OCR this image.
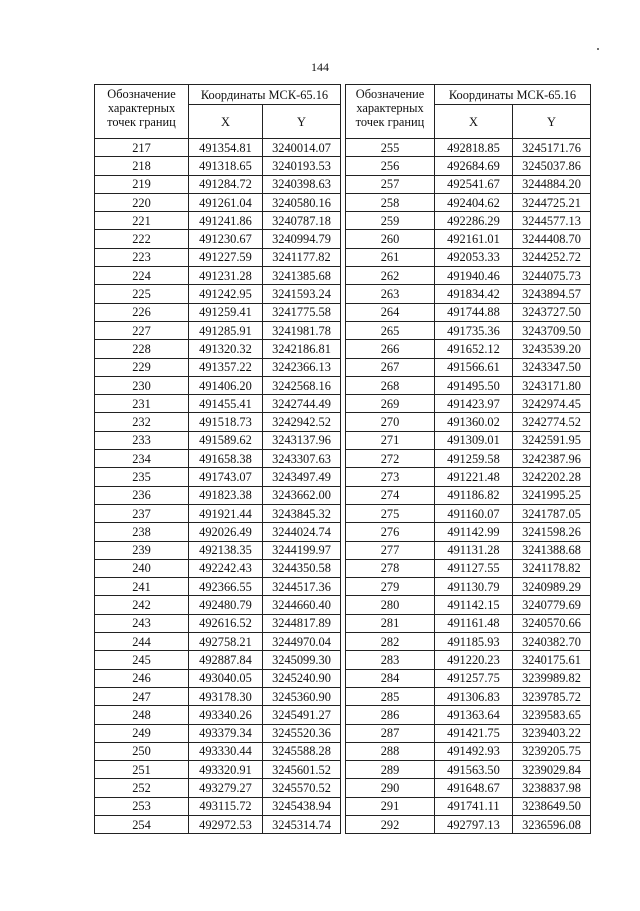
144
Обозначение
характерных
точек границ	Координаты МСК-65.16	
	X	Y
217	491354.81	3240014.07
218	491318.65	3240193.53
219	491284.72	3240398.63
220	491261.04	3240580.16
221	491241.86	3240787.18
222	491230.67	3240994.79
223	491227.59	3241177.82
224	491231.28	3241385.68
225	491242.95	3241593.24
226	491259.41	3241775.58
227	491285.91	3241981.78
228	491320.32	3242186.81
229	491357.22	3242366.13
230	491406.20	3242568.16
231	491455.41	3242744.49
232	491518.73	3242942.52
233	491589.62	3243137.96
234	491658.38	3243307.63
235	491743.07	3243497.49
236	491823.38	3243662.00
237	491921.44	3243845.32
238	492026.49	3244024.74
239	492138.35	3244199.97
240	492242.43	3244350.58
241	492366.55	3244517.36
242	492480.79	3244660.40
243	492616.52	3244817.89
244	492758.21	3244970.04
245	492887.84	3245099.30
246	493040.05	3245240.90
247	493178.30	3245360.90
248	493340.26	3245491.27
249	493379.34	3245520.36
250	493330.44	3245588.28
251	493320.91	3245601.52
252	493279.27	3245570.52
253	493115.72	3245438.94
254	492972.53	3245314.74
Обозначение
характерных
точек границ	Координаты МСК-65.16	
	X	Y
255	492818.85	3245171.76
256	492684.69	3245037.86
257	492541.67	3244884.20
258	492404.62	3244725.21
259	492286.29	3244577.13
260	492161.01	3244408.70
261	492053.33	3244252.72
262	491940.46	3244075.73
263	491834.42	3243894.57
264	491744.88	3243727.50
265	491735.36	3243709.50
266	491652.12	3243539.20
267	491566.61	3243347.50
268	491495.50	3243171.80
269	491423.97	3242974.45
270	491360.02	3242774.52
271	491309.01	3242591.95
272	491259.58	3242387.96
273	491221.48	3242202.28
274	491186.82	3241995.25
275	491160.07	3241787.05
276	491142.99	3241598.26
277	491131.28	3241388.68
278	491127.55	3241178.82
279	491130.79	3240989.29
280	491142.15	3240779.69
281	491161.48	3240570.66
282	491185.93	3240382.70
283	491220.23	3240175.61
284	491257.75	3239989.82
285	491306.83	3239785.72
286	491363.64	3239583.65
287	491421.75	3239403.22
288	491492.93	3239205.75
289	491563.50	3239029.84
290	491648.67	3238837.98
291	491741.11	3238649.50
292	492797.13	3236596.08
